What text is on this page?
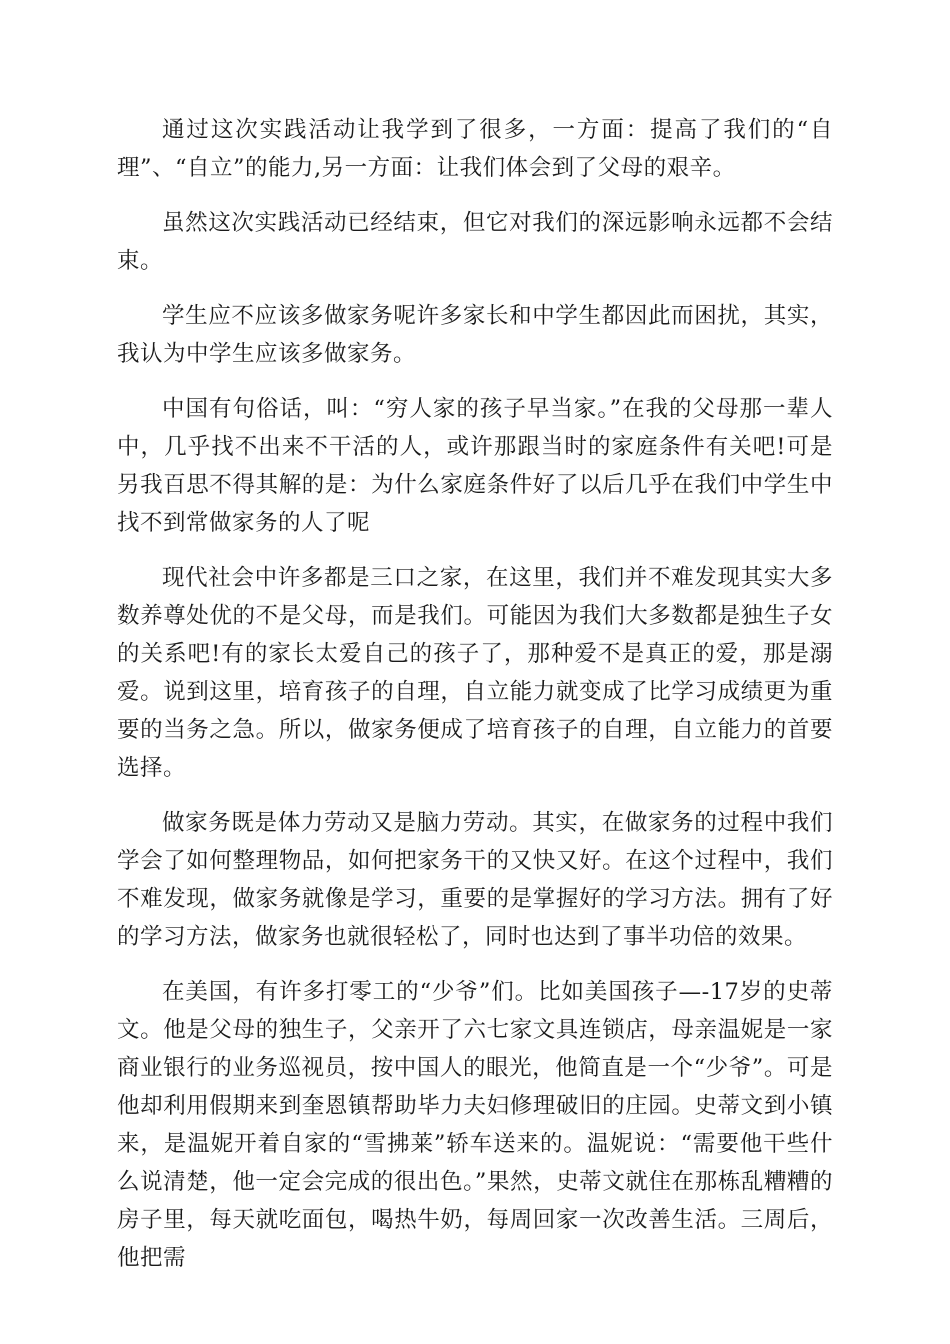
通过这次实践活动让我学到了很多，一方面：提高了我们的“自理”、“自立”的能力,另一方面：让我们体会到了父母的艰辛。

虽然这次实践活动已经结束，但它对我们的深远影响永远都不会结束。

学生应不应该多做家务呢许多家长和中学生都因此而困扰，其实，我认为中学生应该多做家务。

中国有句俗话，叫：“穷人家的孩子早当家。”在我的父母那一辈人中，几乎找不出来不干活的人，或许那跟当时的家庭条件有关吧!可是另我百思不得其解的是：为什么家庭条件好了以后几乎在我们中学生中找不到常做家务的人了呢

现代社会中许多都是三口之家，在这里，我们并不难发现其实大多数养尊处优的不是父母，而是我们。可能因为我们大多数都是独生子女的关系吧!有的家长太爱自己的孩子了，那种爱不是真正的爱，那是溺爱。说到这里，培育孩子的自理，自立能力就变成了比学习成绩更为重要的当务之急。所以，做家务便成了培育孩子的自理，自立能力的首要选择。

做家务既是体力劳动又是脑力劳动。其实，在做家务的过程中我们学会了如何整理物品，如何把家务干的又快又好。在这个过程中，我们不难发现，做家务就像是学习，重要的是掌握好的学习方法。拥有了好的学习方法，做家务也就很轻松了，同时也达到了事半功倍的效果。

在美国，有许多打零工的“少爷”们。比如美国孩子—-17岁的史蒂文。他是父母的独生子，父亲开了六七家文具连锁店，母亲温妮是一家商业银行的业务巡视员，按中国人的眼光，他简直是一个“少爷”。可是他却利用假期来到奎恩镇帮助毕力夫妇修理破旧的庄园。史蒂文到小镇来，是温妮开着自家的“雪拂莱”轿车送来的。温妮说：“需要他干些什么说清楚，他一定会完成的很出色。”果然，史蒂文就住在那栋乱糟糟的房子里，每天就吃面包，喝热牛奶，每周回家一次改善生活。三周后，他把需
